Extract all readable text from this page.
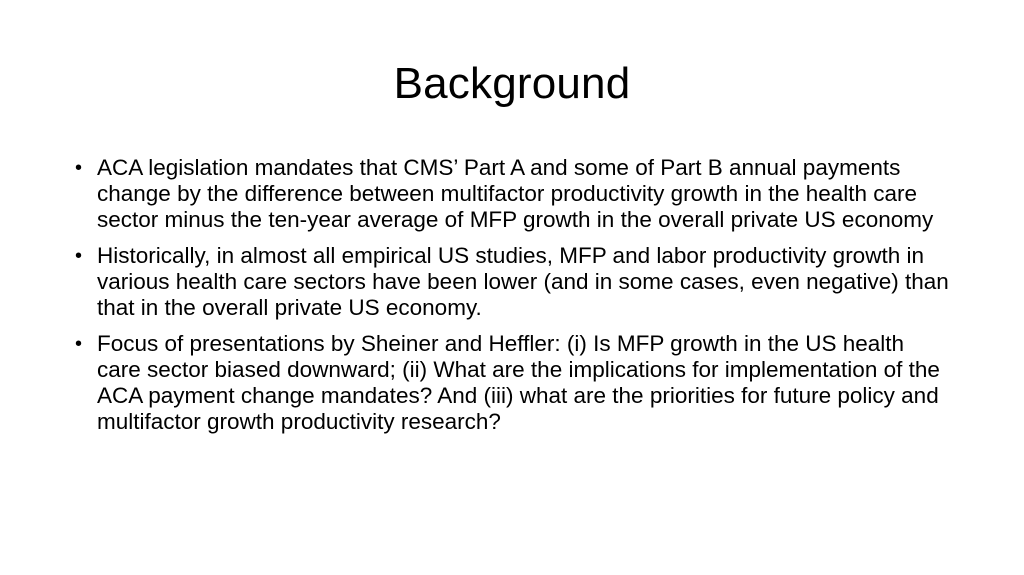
Background
• ACA legislation mandates that CMS’ Part A and some of Part B annual payments change by the difference between multifactor productivity growth in the health care sector minus the ten-year average of MFP growth in the overall private US economy
• Historically, in almost all empirical US studies, MFP and labor productivity growth in various health care sectors have been lower (and in some cases, even negative) than that in the overall private US economy.
• Focus of presentations by Sheiner and Heffler: (i) Is MFP growth in the US health care sector biased downward; (ii) What are the implications for implementation of the ACA payment change mandates? And (iii) what are the priorities for future policy and multifactor growth productivity research?
